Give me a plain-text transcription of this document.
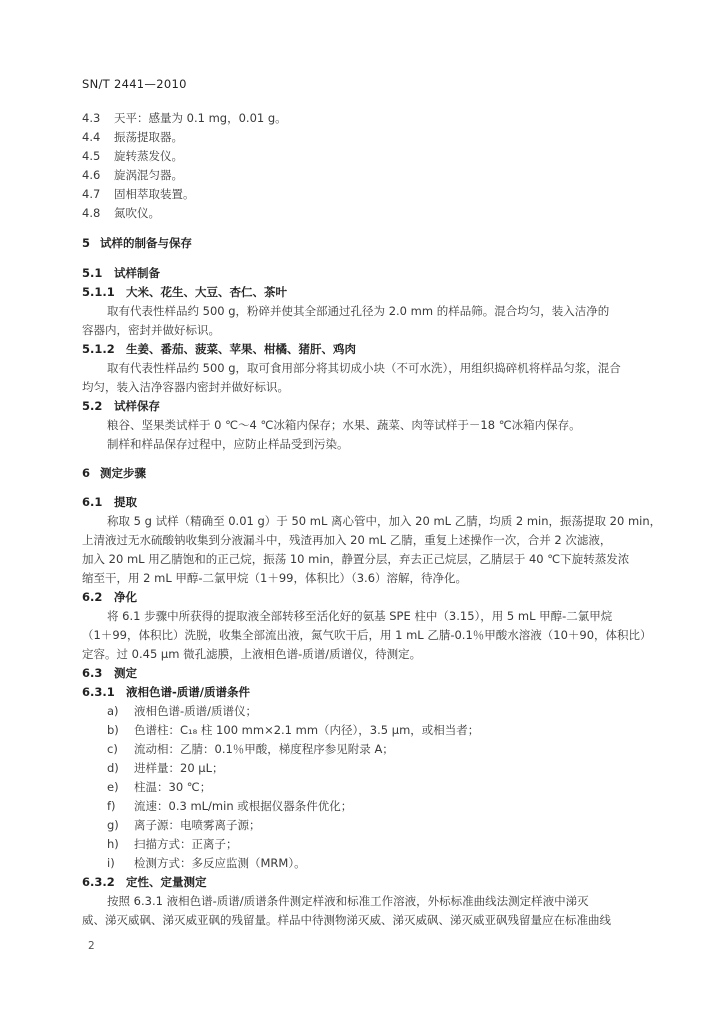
SN/T 2441—2010
4.3 天平：感量为 0.1 mg，0.01 g。
4.4 振荡提取器。
4.5 旋转蒸发仪。
4.6 旋涡混匀器。
4.7 固相萃取装置。
4.8 氮吹仪。
5 试样的制备与保存
5.1 试样制备
5.1.1 大米、花生、大豆、杏仁、茶叶
取有代表性样品约 500 g，粉碎并使其全部通过孔径为 2.0 mm 的样品筛。混合均匀，装入洁净的
容器内，密封并做好标识。
5.1.2 生姜、番茄、菠菜、苹果、柑橘、猪肝、鸡肉
取有代表性样品约 500 g，取可食用部分将其切成小块（不可水洗），用组织捣碎机将样品匀浆，混合
均匀，装入洁净容器内密封并做好标识。
5.2 试样保存
粮谷、坚果类试样于 0 ℃～4 ℃冰箱内保存；水果、蔬菜、肉等试样于－18 ℃冰箱内保存。
制样和样品保存过程中，应防止样品受到污染。
6 测定步骤
6.1 提取
称取 5 g 试样（精确至 0.01 g）于 50 mL 离心管中，加入 20 mL 乙腈，均质 2 min，振荡提取 20 min，
上清液过无水硫酸钠收集到分液漏斗中，残渣再加入 20 mL 乙腈，重复上述操作一次，合并 2 次滤液，
加入 20 mL 用乙腈饱和的正己烷，振荡 10 min，静置分层，弃去正己烷层，乙腈层于 40 ℃下旋转蒸发浓
缩至干，用 2 mL 甲醇-二氯甲烷（1＋99，体积比）（3.6）溶解，待净化。
6.2 净化
将 6.1 步骤中所获得的提取液全部转移至活化好的氨基 SPE 柱中（3.15），用 5 mL 甲醇-二氯甲烷
（1＋99，体积比）洗脱，收集全部流出液，氮气吹干后，用 1 mL 乙腈-0.1％甲酸水溶液（10＋90，体积比）
定容。过 0.45 μm 微孔滤膜，上液相色谱-质谱/质谱仪，待测定。
6.3 测定
6.3.1 液相色谱-质谱/质谱条件
a) 液相色谱-质谱/质谱仪；
b) 色谱柱：C₁₈ 柱 100 mm×2.1 mm（内径），3.5 μm，或相当者；
c) 流动相：乙腈：0.1％甲酸，梯度程序参见附录 A；
d) 进样量：20 μL；
e) 柱温：30 ℃；
f) 流速：0.3 mL/min 或根据仪器条件优化；
g) 离子源：电喷雾离子源；
h) 扫描方式：正离子；
i) 检测方式：多反应监测（MRM）。
6.3.2 定性、定量测定
按照 6.3.1 液相色谱-质谱/质谱条件测定样液和标准工作溶液，外标标准曲线法测定样液中涕灭
威、涕灭威砜、涕灭威亚砜的残留量。样品中待测物涕灭威、涕灭威砜、涕灭威亚砜残留量应在标准曲线
2
